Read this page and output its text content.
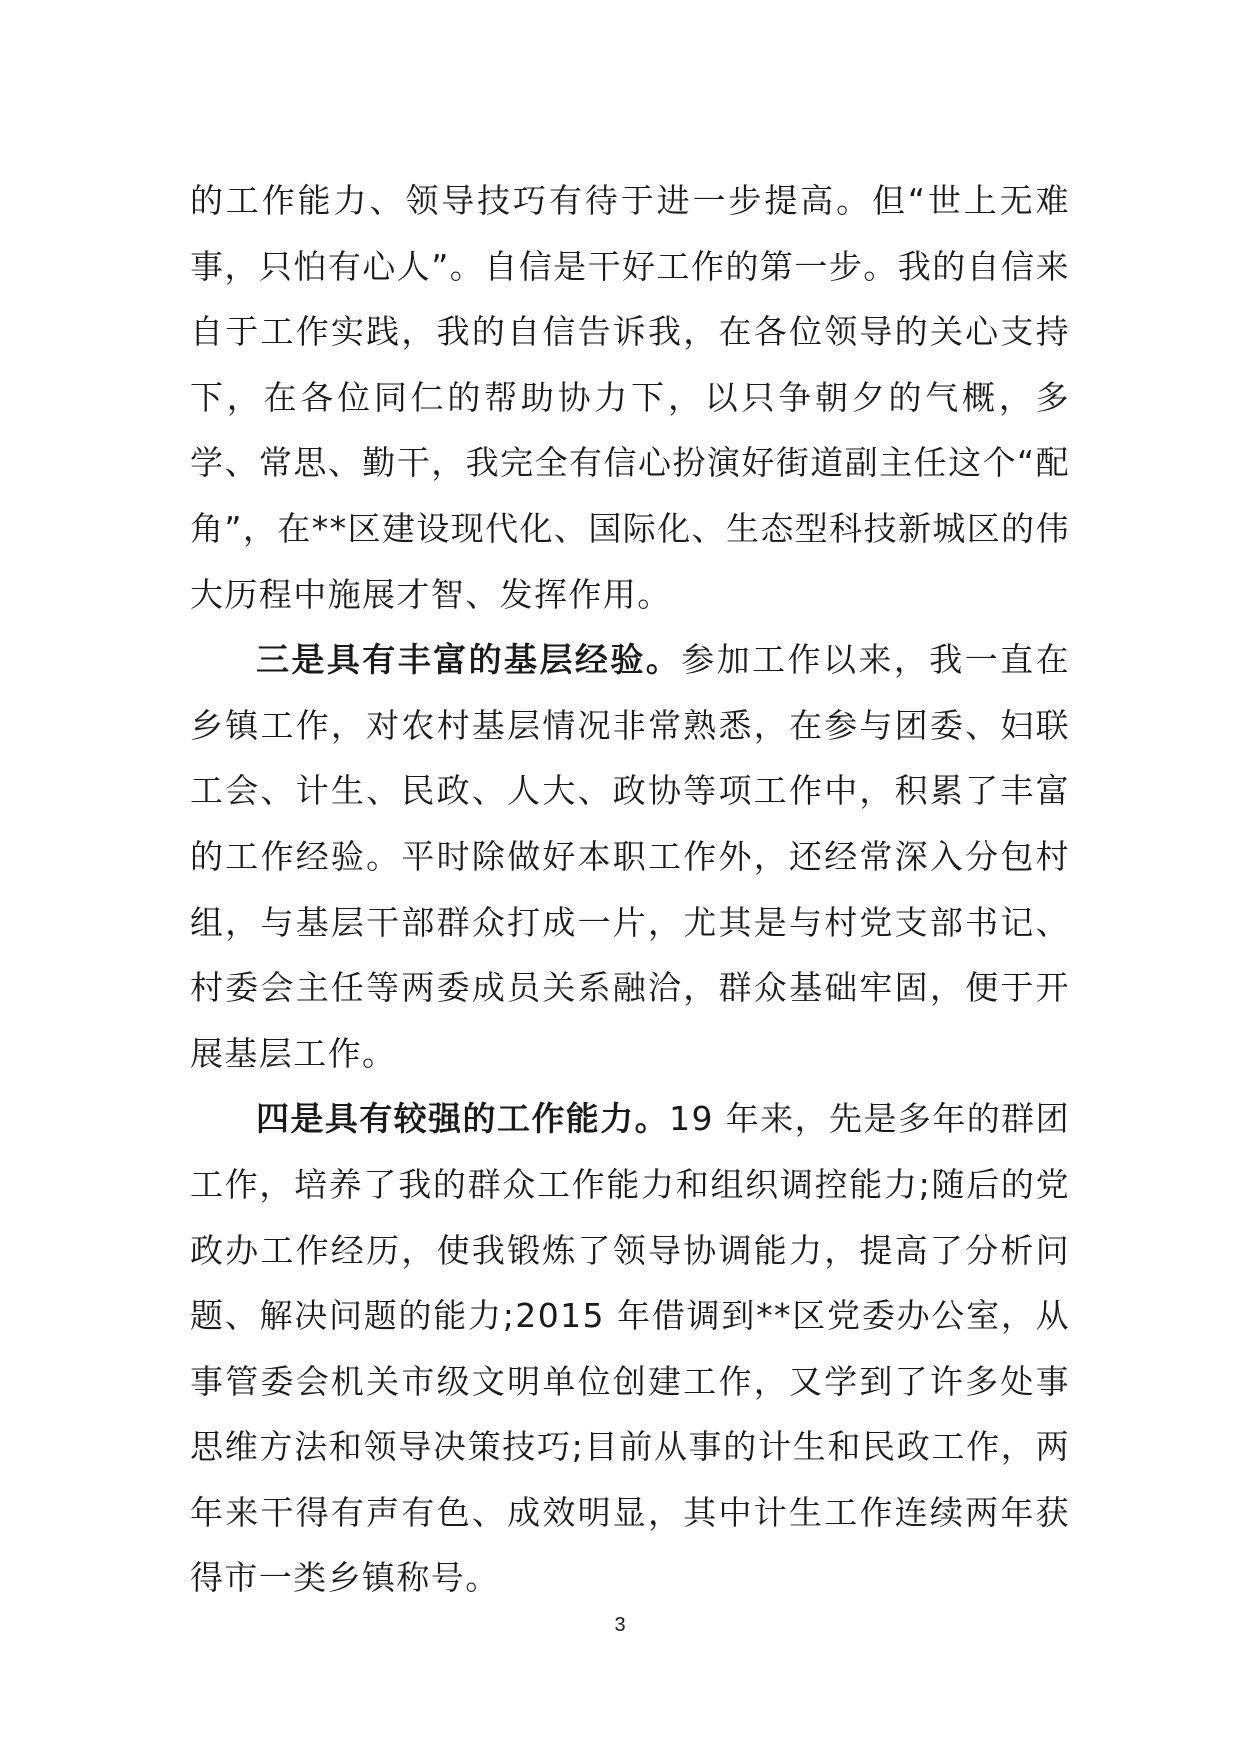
的工作能力、领导技巧有待于进一步提高。但“世上无难事，只怕有心人”。自信是干好工作的第一步。我的自信来自于工作实践，我的自信告诉我，在各位领导的关心支持下，在各位同仁的帮助协力下，以只争朝夕的气概，多学、常思、勤干，我完全有信心扮演好街道副主任这个“配角”，在**区建设现代化、国际化、生态型科技新城区的伟大历程中施展才智、发挥作用。

三是具有丰富的基层经验。参加工作以来，我一直在乡镇工作，对农村基层情况非常熟悉，在参与团委、妇联工会、计生、民政、人大、政协等项工作中，积累了丰富的工作经验。平时除做好本职工作外，还经常深入分包村组，与基层干部群众打成一片，尤其是与村党支部书记、村委会主任等两委成员关系融洽，群众基础牢固，便于开展基层工作。

四是具有较强的工作能力。19 年来，先是多年的群团工作，培养了我的群众工作能力和组织调控能力;随后的党政办工作经历，使我锻炼了领导协调能力，提高了分析问题、解决问题的能力;2015 年借调到**区党委办公室，从事管委会机关市级文明单位创建工作，又学到了许多处事思维方法和领导决策技巧;目前从事的计生和民政工作，两年来干得有声有色、成效明显，其中计生工作连续两年获得市一类乡镇称号。

3
